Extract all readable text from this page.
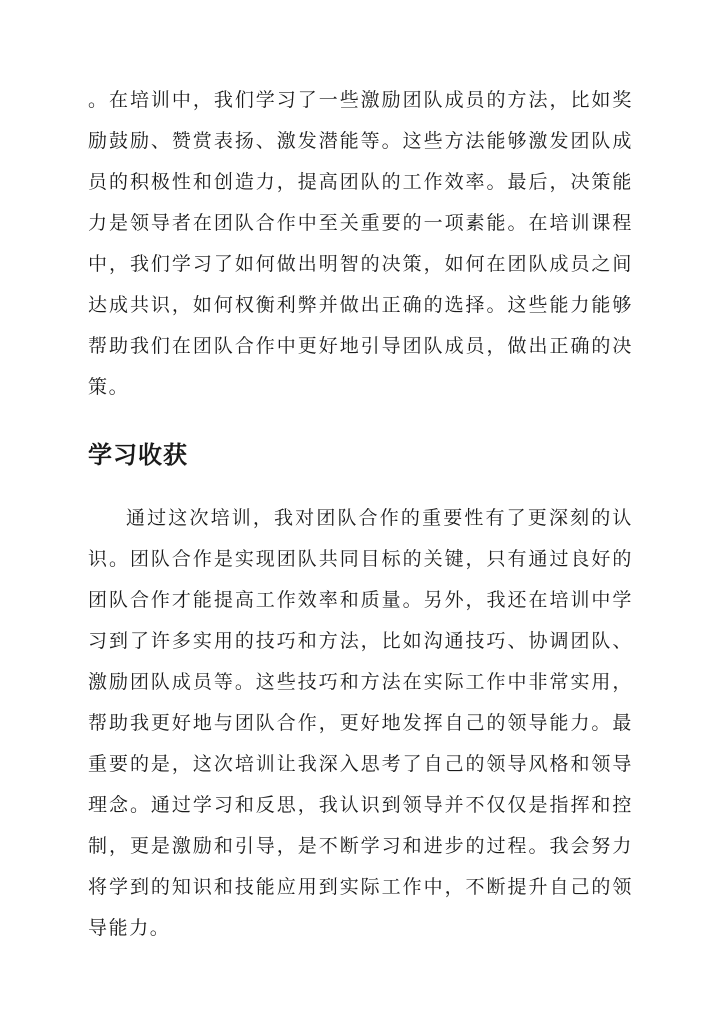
。在培训中，我们学习了一些激励团队成员的方法，比如奖励鼓励、赞赏表扬、激发潜能等。这些方法能够激发团队成员的积极性和创造力，提高团队的工作效率。最后，决策能力是领导者在团队合作中至关重要的一项素能。在培训课程中，我们学习了如何做出明智的决策，如何在团队成员之间达成共识，如何权衡利弊并做出正确的选择。这些能力能够帮助我们在团队合作中更好地引导团队成员，做出正确的决策。

学习收获

通过这次培训，我对团队合作的重要性有了更深刻的认识。团队合作是实现团队共同目标的关键，只有通过良好的团队合作才能提高工作效率和质量。另外，我还在培训中学习到了许多实用的技巧和方法，比如沟通技巧、协调团队、激励团队成员等。这些技巧和方法在实际工作中非常实用，帮助我更好地与团队合作，更好地发挥自己的领导能力。最重要的是，这次培训让我深入思考了自己的领导风格和领导理念。通过学习和反思，我认识到领导并不仅仅是指挥和控制，更是激励和引导，是不断学习和进步的过程。我会努力将学到的知识和技能应用到实际工作中，不断提升自己的领导能力。
